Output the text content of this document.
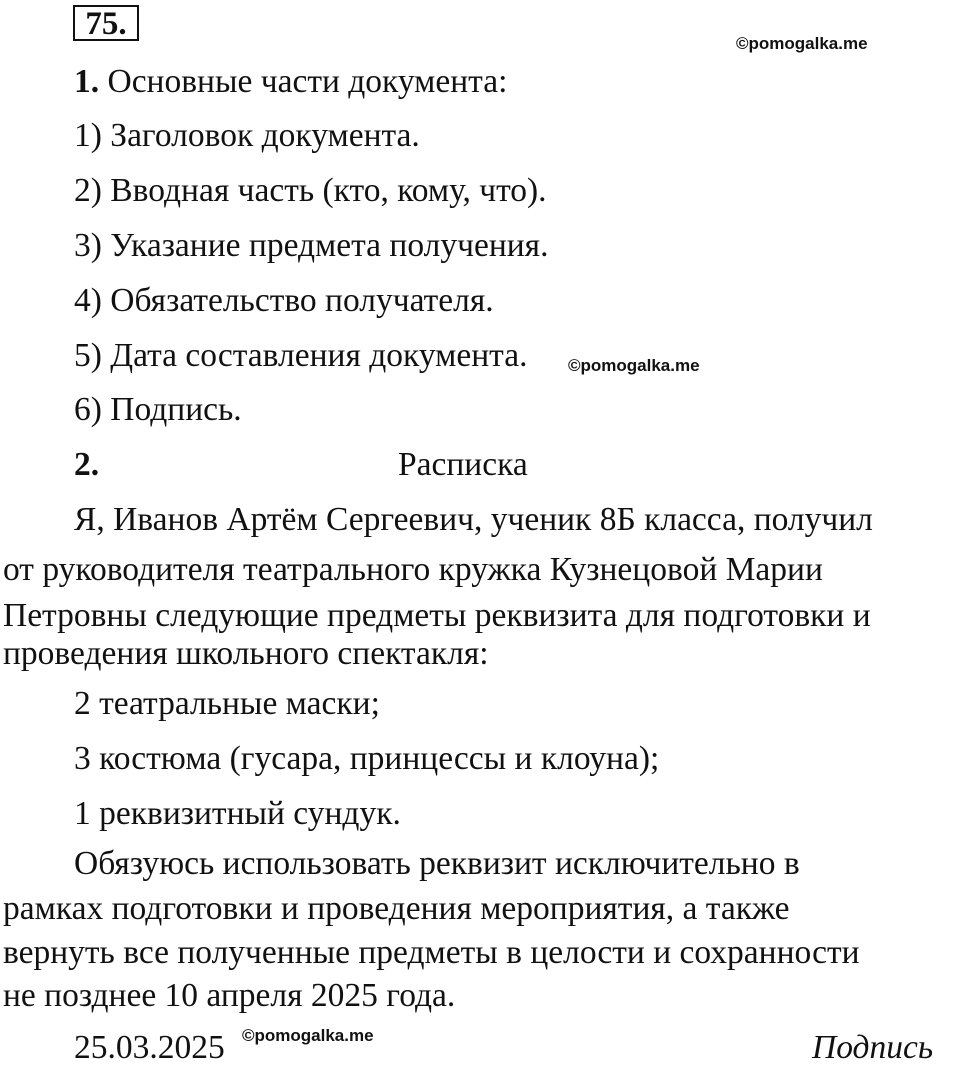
75.
©pomogalka.me
1. Основные части документа:
1) Заголовок документа.
2) Вводная часть (кто, кому, что).
3) Указание предмета получения.
4) Обязательство получателя.
5) Дата составления документа. ©pomogalka.me
6) Подпись.
2.	Расписка
Я, Иванов Артём Сергеевич, ученик 8Б класса, получил
от руководителя театрального кружка Кузнецовой Марии
Петровны следующие предметы реквизита для подготовки и
проведения школьного спектакля:
2 театральные маски;
3 костюма (гусара, принцессы и клоуна);
1 реквизитный сундук.
Обязуюсь использовать реквизит исключительно в
рамках подготовки и проведения мероприятия, а также
вернуть все полученные предметы в целости и сохранности
не позднее 10 апреля 2025 года.
25.03.2025 ©pomogalka.me	Подпись
